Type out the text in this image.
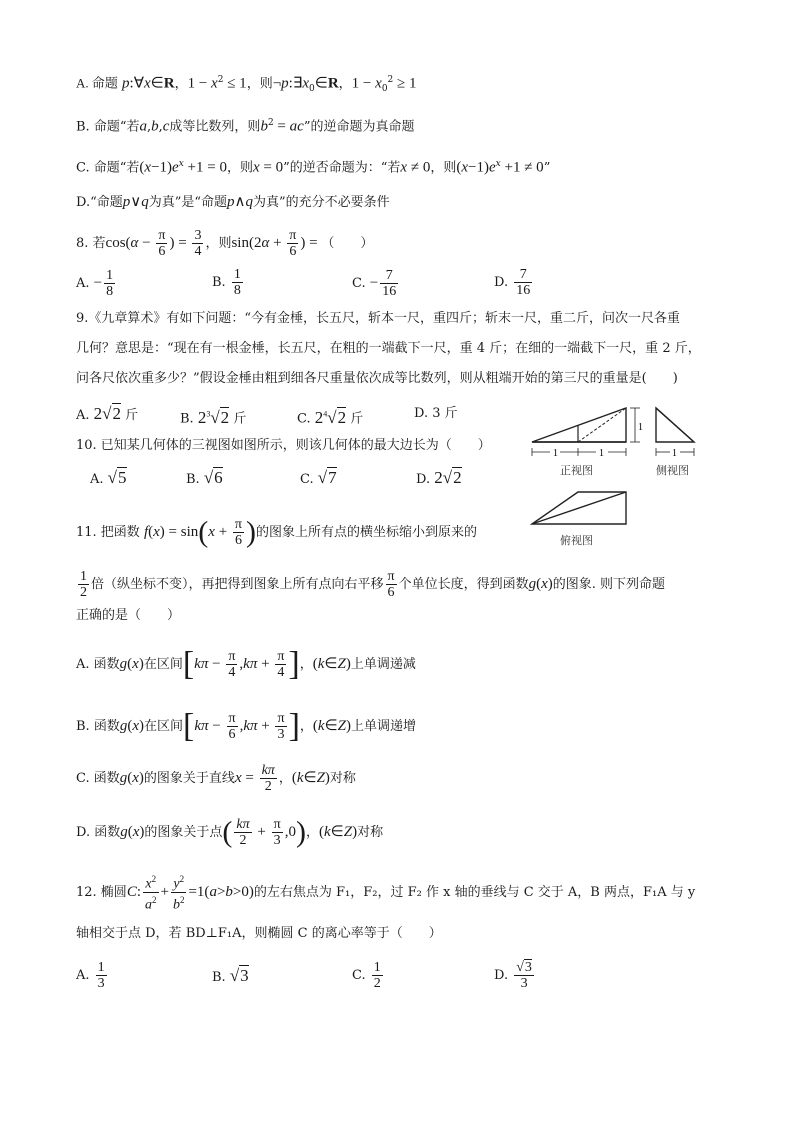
A. 命题 p:∀x∈R，$1 - x^2 \le 1$，则$\neg p:\exists x_0\in R$，$1 - x_0^2 \ge 1$
B. 命题“若a,b,c成等比数列，则$b^2$ = ac”的逆命题为真命题
C. 命题“若$(x-1)e^x +1 = 0$，则x = 0”的逆否命题为：“若x ≠ 0，则$(x-1)e^x +1 \ne 0$”
D.“命题p∨q为真”是“命题p∧q为真”的充分不必要条件
8. 若$\cos(\alpha - \frac{\pi}{6}$ ) = $\frac{3}{4}$ ，则$\sin(2\alpha + \frac{\pi}{6}$ ) = （　　）
A. − $\frac{1}{8}$	B. $\frac{1}{8}$	C. − $\frac{7}{16}$	D. $\frac{7}{16}$
9.《九章算术》有如下问题：“今有金棰，长五尺，斩本一尺，重四斤；斩末一尺，重二斤，问次一尺各重
几何？意思是：“现在有一根金棰，长五尺，在粗的一端截下一尺，重 4 斤；在细的一端截下一尺，重 2 斤，
问各尺依次重多少？”假设金棰由粗到细各尺重量依次成等比数列，则从粗端开始的第三尺的重量是(　　)
A. 2√2 斤	B. $2^3√2$ 斤	C. $2^4√2$ 斤	D. 3 斤
10. 已知某几何体的三视图如图所示，则该几何体的最大边长为（　　）
A. √5	B. √6	C. √7	D. 2√2
1
1	1
正视图
1
侧视图
俯视图
11. 把函数 $f(x) = \sin(x + \frac{\pi}{6}$ )的图象上所有点的横坐标缩小到原来的
$\frac{1}{2}$ 倍（纵坐标不变），再把得到图象上所有点向右平移 $\frac{\pi}{6}$ 个单位长度，得到函数g(x)的图象. 则下列命题
正确的是（　　）
A. 函数g(x)在区间[$k\pi - \frac{\pi}{4} ,k\pi + \frac{\pi}{4}$ ]，(k∈Z)上单调递减
B. 函数g(x)在区间[$k\pi - \frac{\pi}{6} ,k\pi + \frac{\pi}{3}$ ]，(k∈Z)上单调递增
C. 函数g(x)的图象关于直线$x = \frac{k\pi}{2}$ ，(k∈Z)对称
D. 函数g(x)的图象关于点( $\frac{k\pi}{2} + \frac{\pi}{3} ,0$)，(k∈Z)对称
12. 椭圆C: $\frac{x^2}{a^2} + \frac{y^2}{b^2} =1(a>b>0)$的左右焦点为 F₁，F₂，过 F₂ 作 x 轴的垂线与 C 交于 A，B 两点，F₁A 与 y
轴相交于点 D，若 BD⊥F₁A，则椭圆 C 的离心率等于（　　）
A. $\frac{1}{3}$	B. √3	C. $\frac{1}{2}$	D. $\frac{√3}{3}$
